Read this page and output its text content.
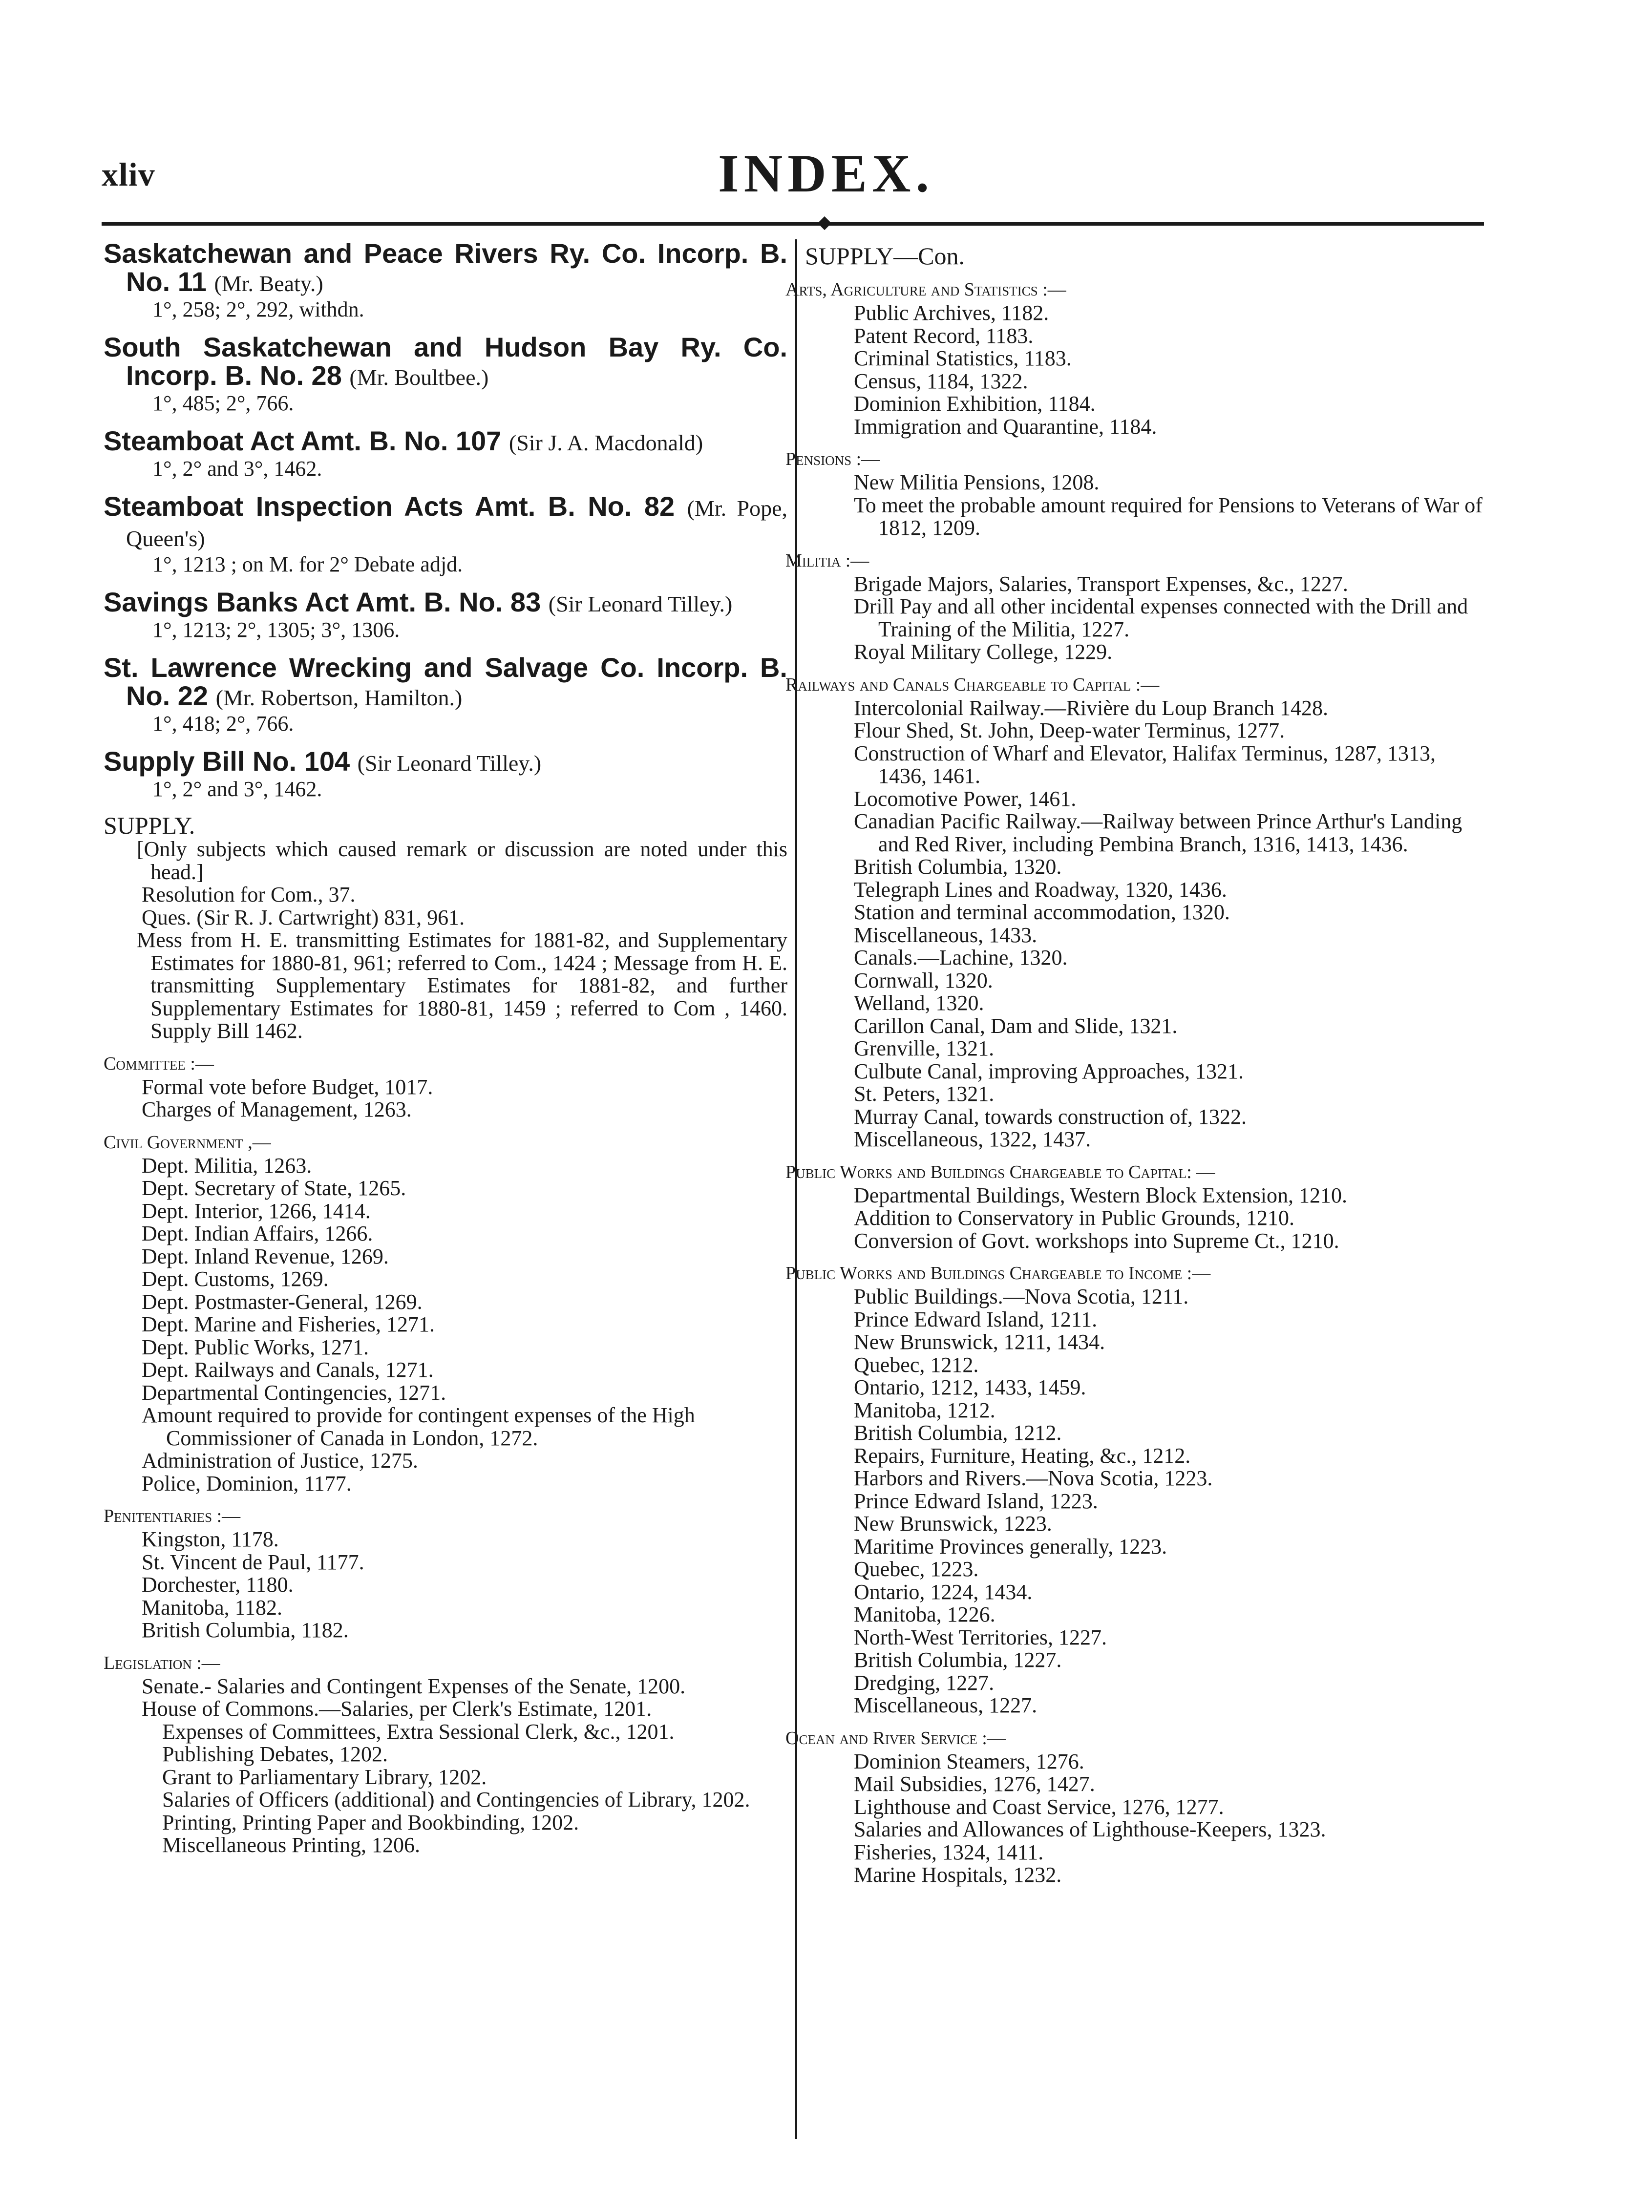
xliv	INDEX.
Saskatchewan and Peace Rivers Ry. Co. Incorp. B. No. 11 (Mr. Beaty.)
1°, 258; 2°, 292, withdn.
South Saskatchewan and Hudson Bay Ry. Co. Incorp. B. No. 28 (Mr. Boultbee.)
1°, 485; 2°, 766.
Steamboat Act Amt. B. No. 107 (Sir J. A. Macdonald)
1°, 2° and 3°, 1462.
Steamboat Inspection Acts Amt. B. No. 82 (Mr. Pope, Queen's)
1°, 1213 ; on M. for 2° Debate adjd.
Savings Banks Act Amt. B. No. 83 (Sir Leonard Tilley.)
1°, 1213; 2°, 1305; 3°, 1306.
St. Lawrence Wrecking and Salvage Co. Incorp. B. No. 22 (Mr. Robertson, Hamilton.)
1°, 418; 2°, 766.
Supply Bill No. 104 (Sir Leonard Tilley.)
1°, 2° and 3°, 1462.
SUPPLY.
[Only subjects which caused remark or discussion are noted under this head.]
Resolution for Com., 37.
Ques. (Sir R. J. Cartwright) 831, 961.
Mess from H. E. transmitting Estimates for 1881-82, and Supplementary Estimates for 1880-81, 961; referred to Com., 1424 ; Message from H. E. transmitting Supplementary Estimates for 1881-82, and further Supplementary Estimates for 1880-81, 1459 ; referred to Com , 1460. Supply Bill 1462.
Committee :—
Formal vote before Budget, 1017.
Charges of Management, 1263.
Civil Government ,—
Dept. Militia, 1263.
Dept. Secretary of State, 1265.
Dept. Interior, 1266, 1414.
Dept. Indian Affairs, 1266.
Dept. Inland Revenue, 1269.
Dept. Customs, 1269.
Dept. Postmaster-General, 1269.
Dept. Marine and Fisheries, 1271.
Dept. Public Works, 1271.
Dept. Railways and Canals, 1271.
Departmental Contingencies, 1271.
Amount required to provide for contingent expenses of the High Commissioner of Canada in London, 1272.
Administration of Justice, 1275.
Police, Dominion, 1177.
Penitentiaries :—
Kingston, 1178.
St. Vincent de Paul, 1177.
Dorchester, 1180.
Manitoba, 1182.
British Columbia, 1182.
Legislation :—
Senate.- Salaries and Contingent Expenses of the Senate, 1200.
House of Commons.—Salaries, per Clerk's Estimate, 1201.
Expenses of Committees, Extra Sessional Clerk, &c., 1201.
Publishing Debates, 1202.
Grant to Parliamentary Library, 1202.
Salaries of Officers (additional) and Contingencies of Library, 1202.
Printing, Printing Paper and Bookbinding, 1202.
Miscellaneous Printing, 1206.
SUPPLY—Con.
Arts, Agriculture and Statistics :—
Public Archives, 1182.
Patent Record, 1183.
Criminal Statistics, 1183.
Census, 1184, 1322.
Dominion Exhibition, 1184.
Immigration and Quarantine, 1184.
Pensions :—
New Militia Pensions, 1208.
To meet the probable amount required for Pensions to Veterans of War of 1812, 1209.
Militia :—
Brigade Majors, Salaries, Transport Expenses, &c., 1227.
Drill Pay and all other incidental expenses connected with the Drill and Training of the Militia, 1227.
Royal Military College, 1229.
Railways and Canals Chargeable to Capital :—
Intercolonial Railway.—Rivière du Loup Branch 1428.
Flour Shed, St. John, Deep-water Terminus, 1277.
Construction of Wharf and Elevator, Halifax Terminus, 1287, 1313, 1436, 1461.
Locomotive Power, 1461.
Canadian Pacific Railway.—Railway between Prince Arthur's Landing and Red River, including Pembina Branch, 1316, 1413, 1436.
British Columbia, 1320.
Telegraph Lines and Roadway, 1320, 1436.
Station and terminal accommodation, 1320.
Miscellaneous, 1433.
Canals.—Lachine, 1320.
Cornwall, 1320.
Welland, 1320.
Carillon Canal, Dam and Slide, 1321.
Grenville, 1321.
Culbute Canal, improving Approaches, 1321.
St. Peters, 1321.
Murray Canal, towards construction of, 1322.
Miscellaneous, 1322, 1437.
Public Works and Buildings Chargeable to Capital: —
Departmental Buildings, Western Block Extension, 1210.
Addition to Conservatory in Public Grounds, 1210.
Conversion of Govt. workshops into Supreme Ct., 1210.
Public Works and Buildings Chargeable to Income :—
Public Buildings.—Nova Scotia, 1211.
Prince Edward Island, 1211.
New Brunswick, 1211, 1434.
Quebec, 1212.
Ontario, 1212, 1433, 1459.
Manitoba, 1212.
British Columbia, 1212.
Repairs, Furniture, Heating, &c., 1212.
Harbors and Rivers.—Nova Scotia, 1223.
Prince Edward Island, 1223.
New Brunswick, 1223.
Maritime Provinces generally, 1223.
Quebec, 1223.
Ontario, 1224, 1434.
Manitoba, 1226.
North-West Territories, 1227.
British Columbia, 1227.
Dredging, 1227.
Miscellaneous, 1227.
Ocean and River Service :—
Dominion Steamers, 1276.
Mail Subsidies, 1276, 1427.
Lighthouse and Coast Service, 1276, 1277.
Salaries and Allowances of Lighthouse-Keepers, 1323.
Fisheries, 1324, 1411.
Marine Hospitals, 1232.
